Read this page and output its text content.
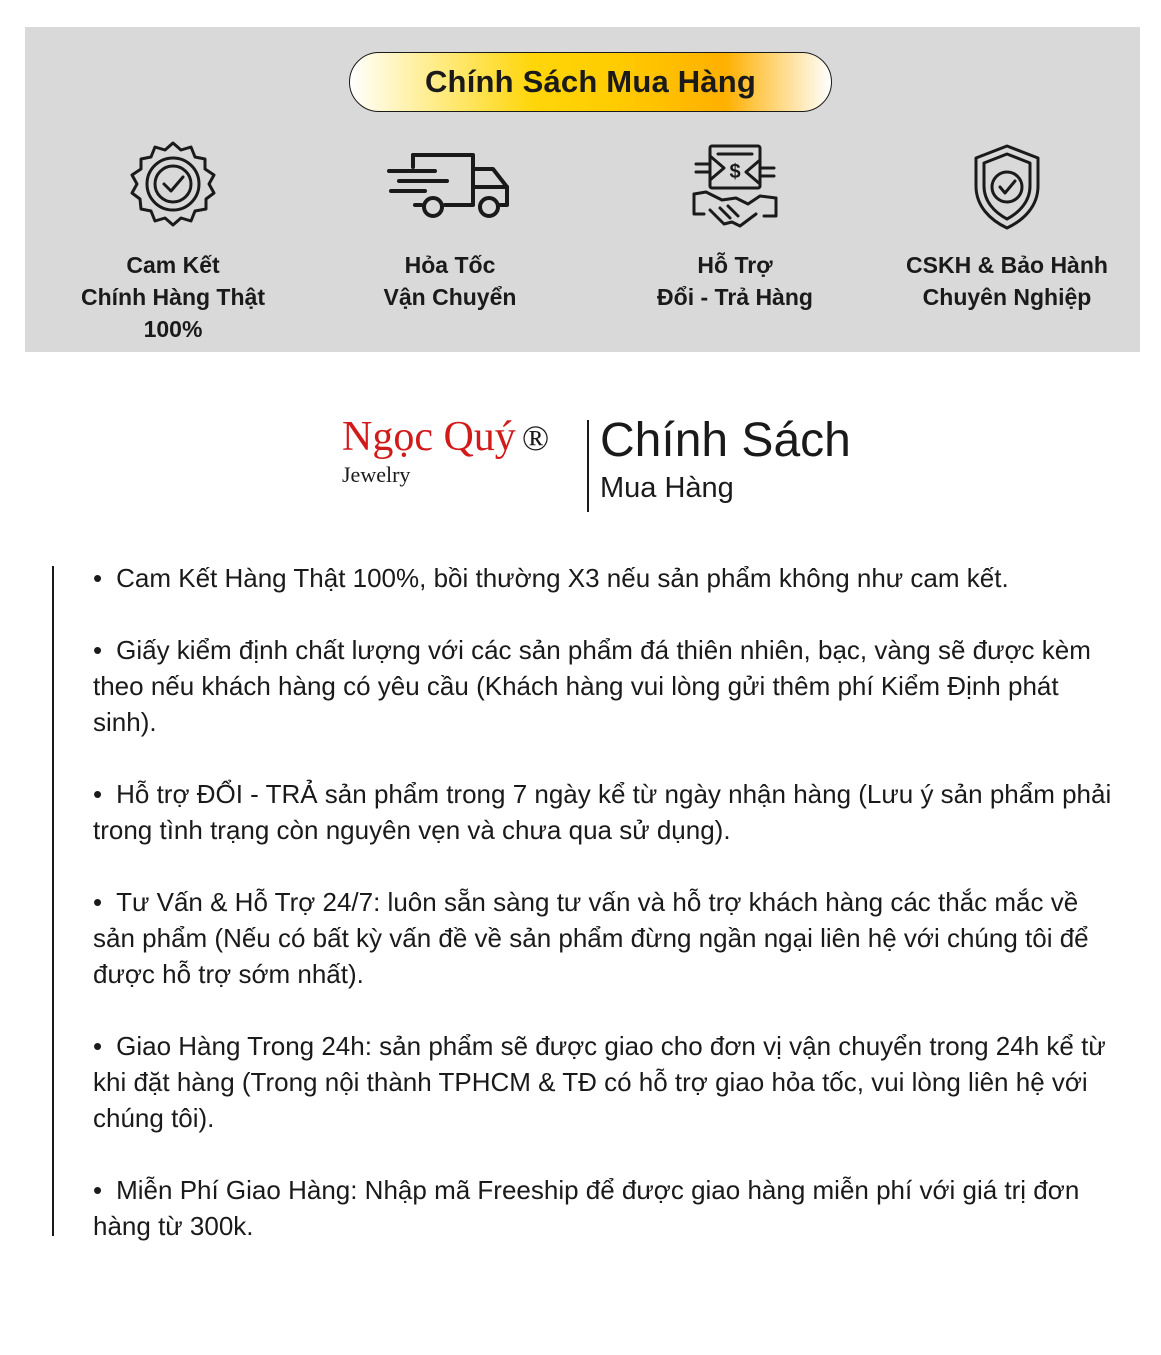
Chính Sách Mua Hàng
Cam Kết
Chính Hàng Thật
100%
Hỏa Tốc
Vận Chuyển
$
Hỗ Trợ
Đổi - Trả Hàng
CSKH & Bảo Hành
Chuyên Nghiệp
Ngọc Quý ®
Jewelry
Chính Sách
Mua Hàng
• Cam Kết Hàng Thật 100%, bồi thường X3 nếu sản phẩm không như cam kết.
• Giấy kiểm định chất lượng với các sản phẩm đá thiên nhiên, bạc, vàng sẽ được kèm theo nếu khách hàng có yêu cầu (Khách hàng vui lòng gửi thêm phí Kiểm Định phát sinh).
• Hỗ trợ ĐỔI - TRẢ sản phẩm trong 7 ngày kể từ ngày nhận hàng (Lưu ý sản phẩm phải trong tình trạng còn nguyên vẹn và chưa qua sử dụng).
• Tư Vấn & Hỗ Trợ 24/7: luôn sẵn sàng tư vấn và hỗ trợ khách hàng các thắc mắc về sản phẩm (Nếu có bất kỳ vấn đề về sản phẩm đừng ngần ngại liên hệ với chúng tôi để được hỗ trợ sớm nhất).
• Giao Hàng Trong 24h: sản phẩm sẽ được giao cho đơn vị vận chuyển trong 24h kể từ khi đặt hàng (Trong nội thành TPHCM & TĐ có hỗ trợ giao hỏa tốc, vui lòng liên hệ với chúng tôi).
• Miễn Phí Giao Hàng: Nhập mã Freeship để được giao hàng miễn phí với giá trị đơn hàng từ 300k.
